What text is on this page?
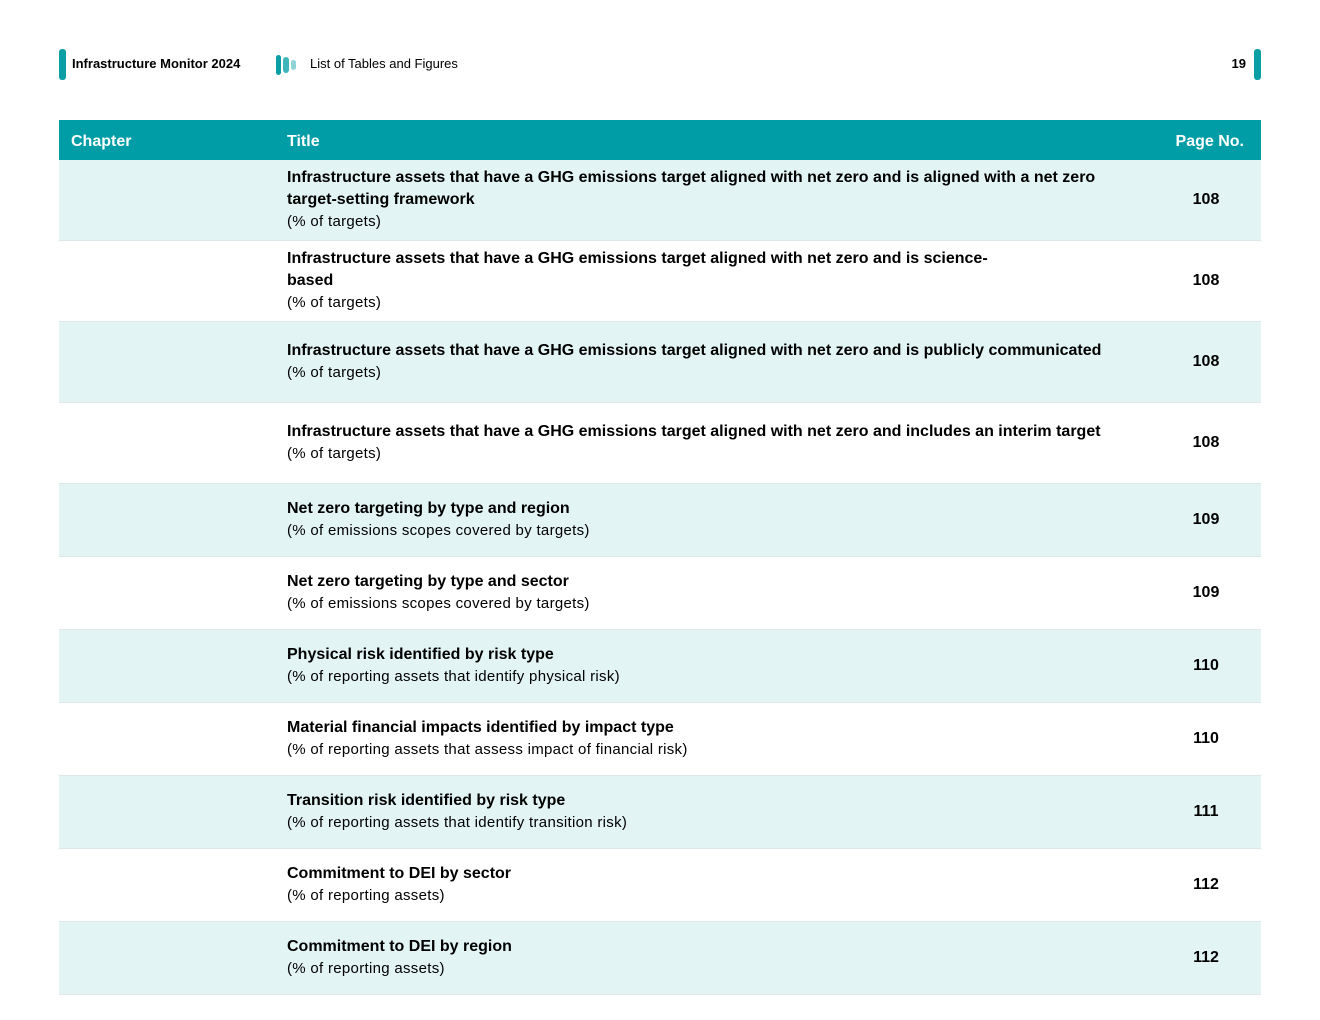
Infrastructure Monitor 2024	List of Tables and Figures	19
Chapter	Title	Page No.
Infrastructure assets that have a GHG emissions target aligned with net zero and is aligned with a net zero target-setting framework
(% of targets)
108
Infrastructure assets that have a GHG emissions target aligned with net zero and is science-based
(% of targets)
108
Infrastructure assets that have a GHG emissions target aligned with net zero and is publicly communicated
(% of targets)
108
Infrastructure assets that have a GHG emissions target aligned with net zero and includes an interim target
(% of targets)
108
Net zero targeting by type and region
(% of emissions scopes covered by targets)
109
Net zero targeting by type and sector
(% of emissions scopes covered by targets)
109
Physical risk identified by risk type
(% of reporting assets that identify physical risk)
110
Material financial impacts identified by impact type
(% of reporting assets that assess impact of financial risk)
110
Transition risk identified by risk type
(% of reporting assets that identify transition risk)
111
Commitment to DEI by sector
(% of reporting assets)
112
Commitment to DEI by region
(% of reporting assets)
112
